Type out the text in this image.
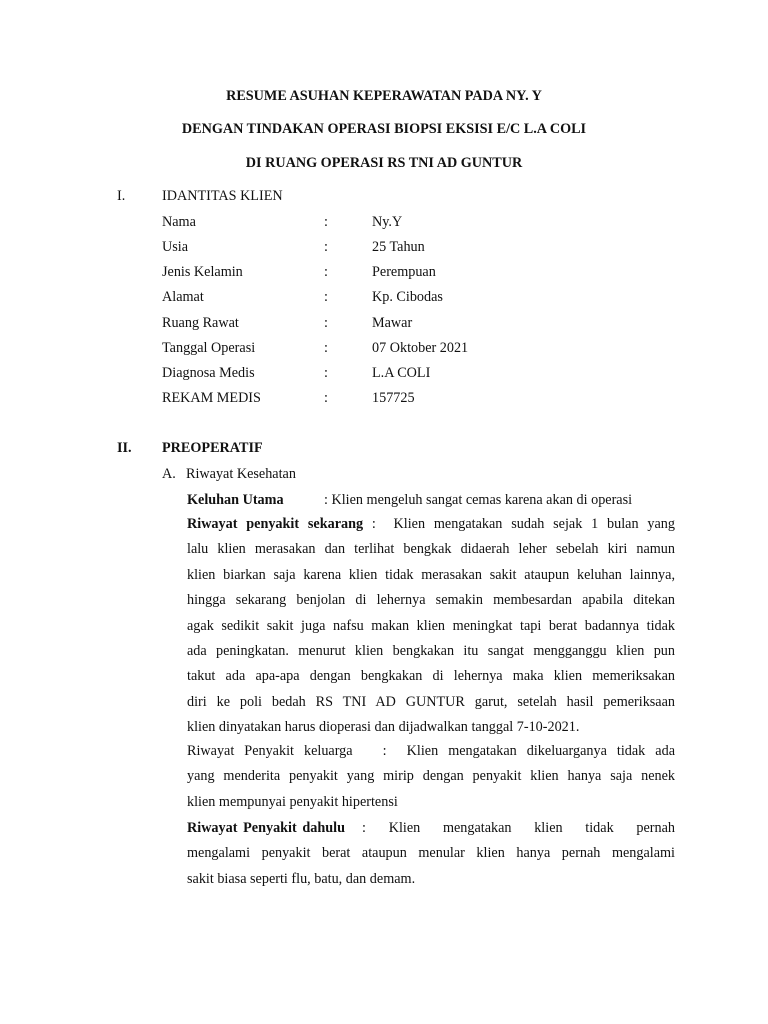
RESUME ASUHAN KEPERAWATAN PADA NY. Y
DENGAN TINDAKAN OPERASI BIOPSI EKSISI E/C L.A COLI
DI RUANG OPERASI RS TNI AD GUNTUR
I.	IDANTITAS KLIEN
Nama	:	Ny.Y
Usia	:	25 Tahun
Jenis Kelamin	:	Perempuan
Alamat	:	Kp. Cibodas
Ruang Rawat	:	Mawar
Tanggal Operasi	:	07 Oktober 2021
Diagnosa Medis	:	L.A COLI
REKAM MEDIS	:	157725
II. PREOPERATIF
A. Riwayat Kesehatan
Keluhan Utama	: Klien mengeluh sangat cemas karena akan di operasi
Riwayat penyakit sekarang :  Klien mengatakan sudah sejak 1 bulan yang
lalu klien merasakan dan terlihat bengkak didaerah leher sebelah kiri namun
klien biarkan saja karena klien tidak merasakan sakit ataupun keluhan lainnya,
hingga sekarang benjolan di lehernya semakin membesardan apabila ditekan
agak sedikit sakit juga nafsu makan klien meningkat tapi berat badannya tidak
ada peningkatan. menurut klien bengkakan itu sangat mengganggu klien pun
takut ada apa-apa dengan bengkakan di lehernya maka klien memeriksakan
diri ke poli bedah RS TNI AD GUNTUR garut, setelah hasil pemeriksaan
klien dinyatakan harus dioperasi dan dijadwalkan tanggal 7-10-2021.
Riwayat Penyakit keluarga   :  Klien mengatakan dikeluarganya tidak ada
yang menderita penyakit yang mirip dengan penyakit klien hanya saja nenek
klien mempunyai penyakit hipertensi
Riwayat Penyakit dahulu   :    Klien    mengatakan    klien    tidak    pernah
mengalami penyakit berat ataupun menular klien hanya pernah mengalami
sakit biasa seperti flu, batu, dan demam.
